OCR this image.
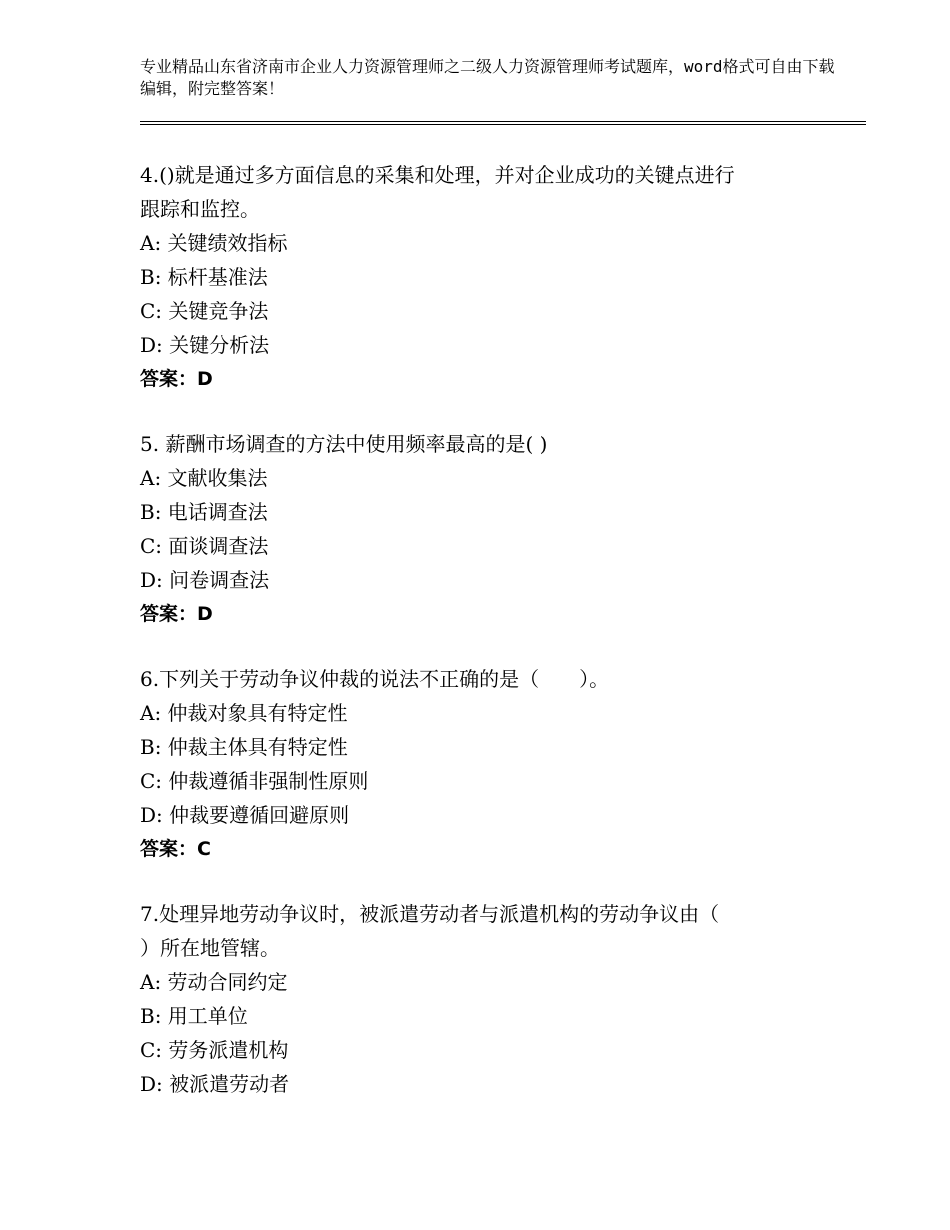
专业精品山东省济南市企业人力资源管理师之二级人力资源管理师考试题库，word格式可自由下载编辑，附完整答案！
4.()就是通过多方面信息的采集和处理，并对企业成功的关键点进行
跟踪和监控。
A: 关键绩效指标
B: 标杆基准法
C: 关键竞争法
D: 关键分析法
答案：D
5. 薪酬市场调查的方法中使用频率最高的是( )
A: 文献收集法
B: 电话调查法
C: 面谈调查法
D: 问卷调查法
答案：D
6.下列关于劳动争议仲裁的说法不正确的是（　　）。
A: 仲裁对象具有特定性
B: 仲裁主体具有特定性
C: 仲裁遵循非强制性原则
D: 仲裁要遵循回避原则
答案：C
7.处理异地劳动争议时，被派遣劳动者与派遣机构的劳动争议由（
）所在地管辖。
A: 劳动合同约定
B: 用工单位
C: 劳务派遣机构
D: 被派遣劳动者
